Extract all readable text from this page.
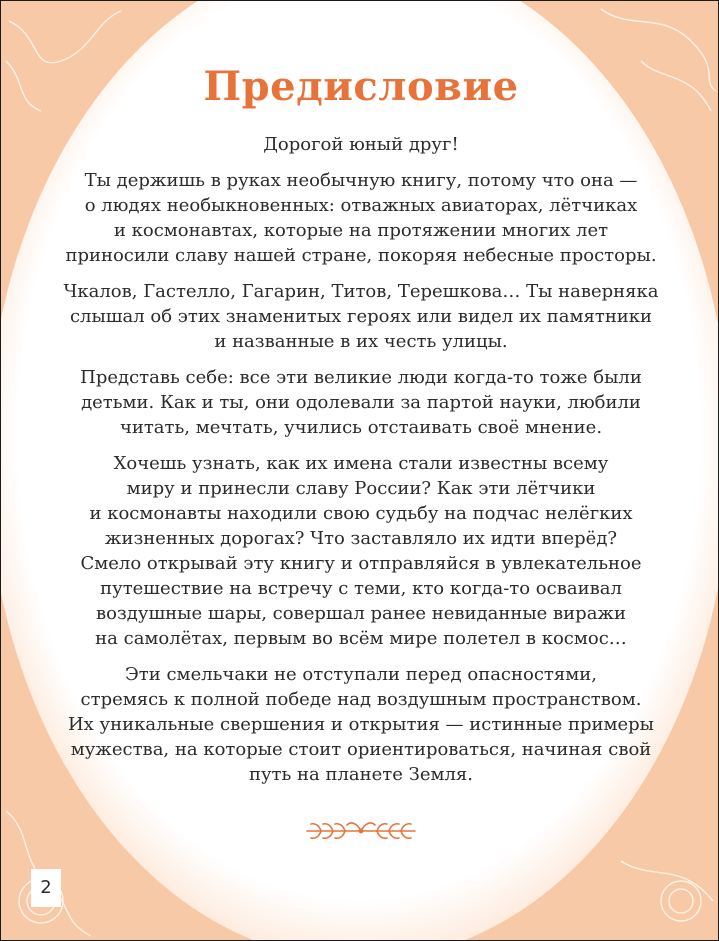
Предисловие

Дорогой юный друг!

Ты держишь в руках необычную книгу, потому что она —
о людях необыкновенных: отважных авиаторах, лётчиках
и космонавтах, которые на протяжении многих лет
приносили славу нашей стране, покоряя небесные просторы.

Чкалов, Гастелло, Гагарин, Титов, Терешкова… Ты наверняка
слышал об этих знаменитых героях или видел их памятники
и названные в их честь улицы.

Представь себе: все эти великие люди когда-то тоже были
детьми. Как и ты, они одолевали за партой науки, любили
читать, мечтать, учились отстаивать своё мнение.

Хочешь узнать, как их имена стали известны всему
миру и принесли славу России? Как эти лётчики
и космонавты находили свою судьбу на подчас нелёгких
жизненных дорогах? Что заставляло их идти вперёд?
Смело открывай эту книгу и отправляйся в увлекательное
путешествие на встречу с теми, кто когда-то осваивал
воздушные шары, совершал ранее невиданные виражи
на самолётах, первым во всём мире полетел в космос…

Эти смельчаки не отступали перед опасностями,
стремясь к полной победе над воздушным пространством.
Их уникальные свершения и открытия — истинные примеры
мужества, на которые стоит ориентироваться, начиная свой
путь на планете Земля.

2
